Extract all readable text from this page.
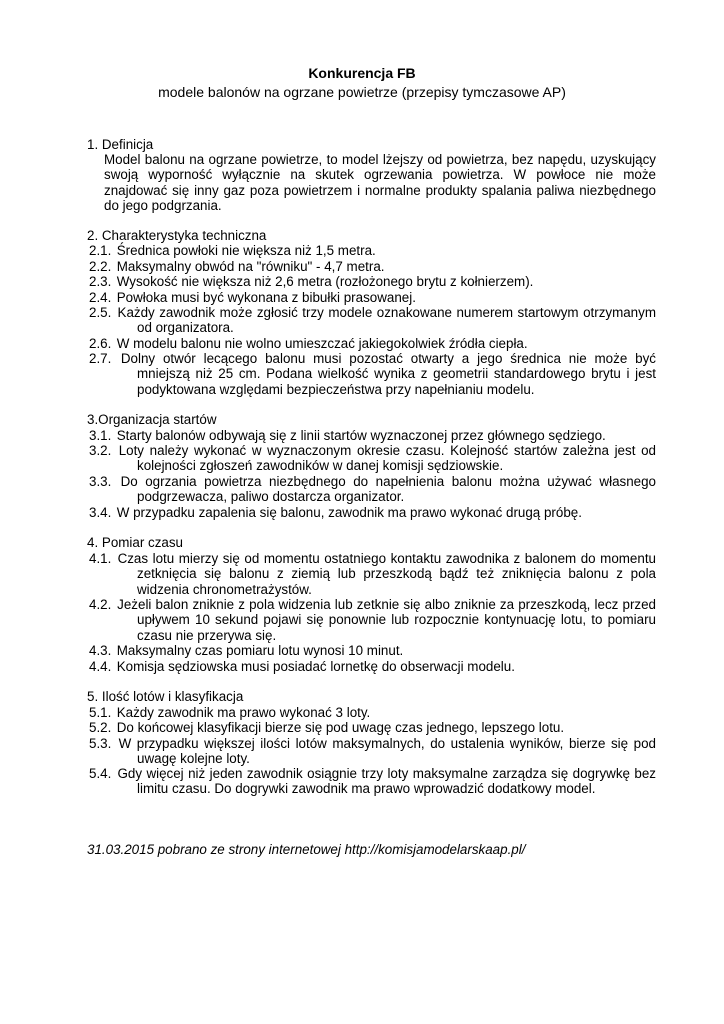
Konkurencja FB
modele balonów na ogrzane powietrze (przepisy tymczasowe AP)
1. Definicja
Model balonu na ogrzane powietrze, to model lżejszy od powietrza, bez napędu, uzyskujący swoją wyporność wyłącznie na skutek ogrzewania powietrza. W powłoce nie może znajdować się inny gaz poza powietrzem i normalne produkty spalania paliwa niezbędnego do jego podgrzania.
2. Charakterystyka techniczna
2.1. Średnica powłoki nie większa niż 1,5 metra.
2.2. Maksymalny obwód na "równiku" - 4,7 metra.
2.3. Wysokość nie większa niż 2,6 metra (rozłożonego brytu z kołnierzem).
2.4. Powłoka musi być wykonana z bibułki prasowanej.
2.5. Każdy zawodnik może zgłosić trzy modele oznakowane numerem startowym otrzymanym od organizatora.
2.6. W modelu balonu nie wolno umieszczać jakiegokolwiek źródła ciepła.
2.7. Dolny otwór lecącego balonu musi pozostać otwarty a jego średnica nie może być mniejszą niż 25 cm. Podana wielkość wynika z geometrii standardowego brytu i jest podyktowana względami bezpieczeństwa przy napełnianiu modelu.
3.Organizacja startów
3.1. Starty balonów odbywają się z linii startów wyznaczonej przez głównego sędziego.
3.2. Loty należy wykonać w wyznaczonym okresie czasu. Kolejność startów zależna jest od kolejności zgłoszeń zawodników w danej komisji sędziowskie.
3.3. Do ogrzania powietrza niezbędnego do napełnienia balonu można używać własnego podgrzewacza, paliwo dostarcza organizator.
3.4. W przypadku zapalenia się balonu, zawodnik ma prawo wykonać drugą próbę.
4. Pomiar czasu
4.1. Czas lotu mierzy się od momentu ostatniego kontaktu zawodnika z balonem do momentu zetknięcia się balonu z ziemią lub przeszkodą bądź też zniknięcia balonu z pola widzenia chronometrażystów.
4.2. Jeżeli balon zniknie z pola widzenia lub zetknie się albo zniknie za przeszkodą, lecz przed upływem 10 sekund pojawi się ponownie lub rozpocznie kontynuację lotu, to pomiaru czasu nie przerywa się.
4.3. Maksymalny czas pomiaru lotu wynosi 10 minut.
4.4. Komisja sędziowska musi posiadać lornetkę do obserwacji modelu.
5. Ilość lotów i klasyfikacja
5.1. Każdy zawodnik ma prawo wykonać 3 loty.
5.2. Do końcowej klasyfikacji bierze się pod uwagę czas jednego, lepszego lotu.
5.3. W przypadku większej ilości lotów maksymalnych, do ustalenia wyników, bierze się pod uwagę kolejne loty.
5.4. Gdy więcej niż jeden zawodnik osiągnie trzy loty maksymalne zarządza się dogrywkę bez limitu czasu. Do dogrywki zawodnik ma prawo wprowadzić dodatkowy model.
31.03.2015 pobrano ze strony internetowej http://komisjamodelarskaap.pl/
